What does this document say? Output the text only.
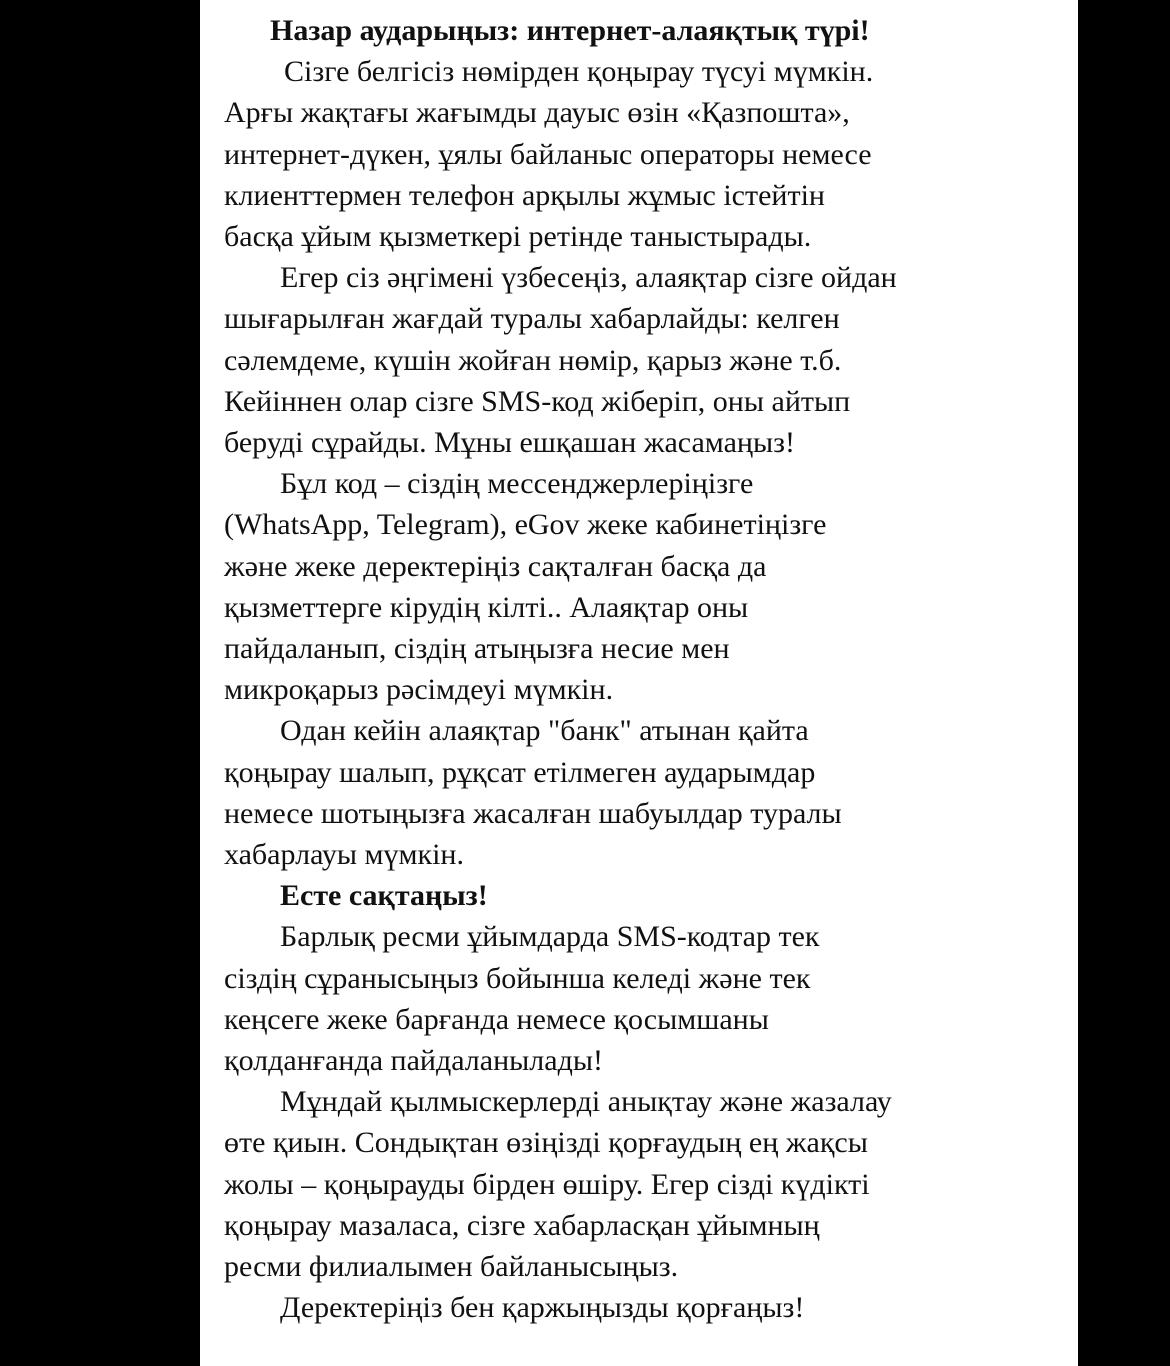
Назар аударыңыз: интернет-алаяқтық түрі!
Сізге белгісіз нөмірден қоңырау түсуі мүмкін.
Арғы жақтағы жағымды дауыс өзін «Қазпошта»,
интернет-дүкен, ұялы байланыс операторы немесе
клиенттермен телефон арқылы жұмыс істейтін
басқа ұйым қызметкері ретінде таныстырады.
Егер сіз әңгімені үзбесеңіз, алаяқтар сізге ойдан
шығарылған жағдай туралы хабарлайды: келген
сәлемдеме, күшін жойған нөмір, қарыз және т.б.
Кейіннен олар сізге SMS-код жіберіп, оны айтып
беруді сұрайды. Мұны ешқашан жасамаңыз!
Бұл код – сіздің мессенджерлеріңізге
(WhatsApp, Telegram), eGov жеке кабинетіңізге
және жеке деректеріңіз сақталған басқа да
қызметтерге кірудің кілті.. Алаяқтар оны
пайдаланып, сіздің атыңызға несие мен
микроқарыз рәсімдеуі мүмкін.
Одан кейін алаяқтар "банк" атынан қайта
қоңырау шалып, рұқсат етілмеген аударымдар
немесе шотыңызға жасалған шабуылдар туралы
хабарлауы мүмкін.
Есте сақтаңыз!
Барлық ресми ұйымдарда SMS-кодтар тек
сіздің сұранысыңыз бойынша келеді және тек
кеңсеге жеке барғанда немесе қосымшаны
қолданғанда пайдаланылады!
Мұндай қылмыскерлерді анықтау және жазалау
өте қиын. Сондықтан өзіңізді қорғаудың ең жақсы
жолы – қоңырауды бірден өшіру. Егер сізді күдікті
қоңырау мазаласа, сізге хабарласқан ұйымның
ресми филиалымен байланысыңыз.
Деректеріңіз бен қаржыңызды қорғаңыз!
